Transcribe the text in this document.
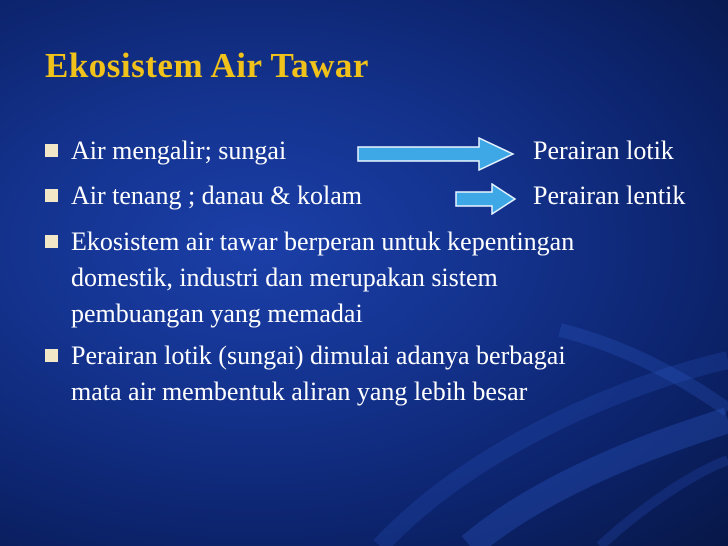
Ekosistem Air Tawar
Air mengalir; sungai	Perairan lotik
Air tenang ; danau & kolam	Perairan lentik
Ekosistem air tawar berperan untuk kepentingan
domestik, industri dan merupakan sistem
pembuangan yang memadai
Perairan lotik (sungai) dimulai adanya berbagai
mata air membentuk aliran yang lebih besar
